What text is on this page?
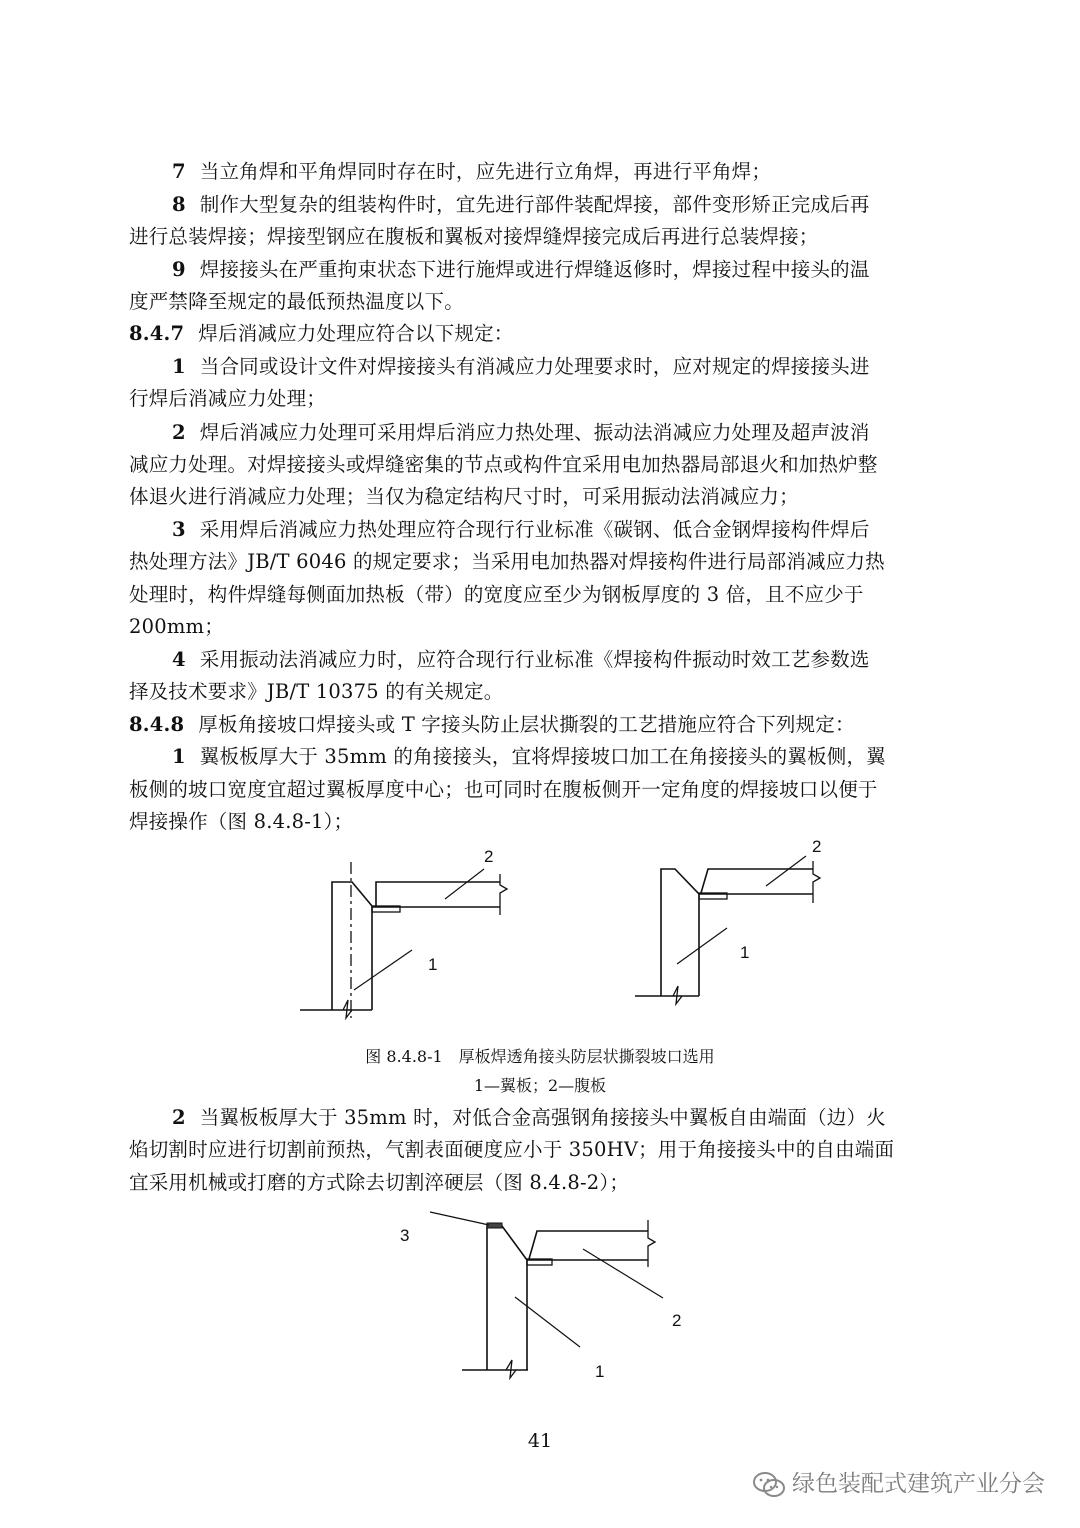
7 当立角焊和平角焊同时存在时，应先进行立角焊，再进行平角焊；
8 制作大型复杂的组装构件时，宜先进行部件装配焊接，部件变形矫正完成后再
进行总装焊接；焊接型钢应在腹板和翼板对接焊缝焊接完成后再进行总装焊接；
9 焊接接头在严重拘束状态下进行施焊或进行焊缝返修时，焊接过程中接头的温
度严禁降至规定的最低预热温度以下。
8.4.7 焊后消减应力处理应符合以下规定：
1 当合同或设计文件对焊接接头有消减应力处理要求时，应对规定的焊接接头进
行焊后消减应力处理；
2 焊后消减应力处理可采用焊后消应力热处理、振动法消减应力处理及超声波消
减应力处理。对焊接接头或焊缝密集的节点或构件宜采用电加热器局部退火和加热炉整
体退火进行消减应力处理；当仅为稳定结构尺寸时，可采用振动法消减应力；
3 采用焊后消减应力热处理应符合现行行业标准《碳钢、低合金钢焊接构件焊后
热处理方法》JB/T 6046 的规定要求；当采用电加热器对焊接构件进行局部消减应力热
处理时，构件焊缝每侧面加热板（带）的宽度应至少为钢板厚度的 3 倍，且不应少于
200mm；
4 采用振动法消减应力时，应符合现行行业标准《焊接构件振动时效工艺参数选
择及技术要求》JB/T 10375 的有关规定。
8.4.8 厚板角接坡口焊接头或 T 字接头防止层状撕裂的工艺措施应符合下列规定：
1 翼板板厚大于 35mm 的角接接头，宜将焊接坡口加工在角接接头的翼板侧，翼
板侧的坡口宽度宜超过翼板厚度中心；也可同时在腹板侧开一定角度的焊接坡口以便于
焊接操作（图 8.4.8-1）；
2
1
2
1
图 8.4.8-1　厚板焊透角接头防层状撕裂坡口选用
1—翼板；2—腹板
2 当翼板板厚大于 35mm 时，对低合金高强钢角接接头中翼板自由端面（边）火
焰切割时应进行切割前预热，气割表面硬度应小于 350HV；用于角接接头中的自由端面
宜采用机械或打磨的方式除去切割淬硬层（图 8.4.8-2）；
3
2
1
41
绿色装配式建筑产业分会
